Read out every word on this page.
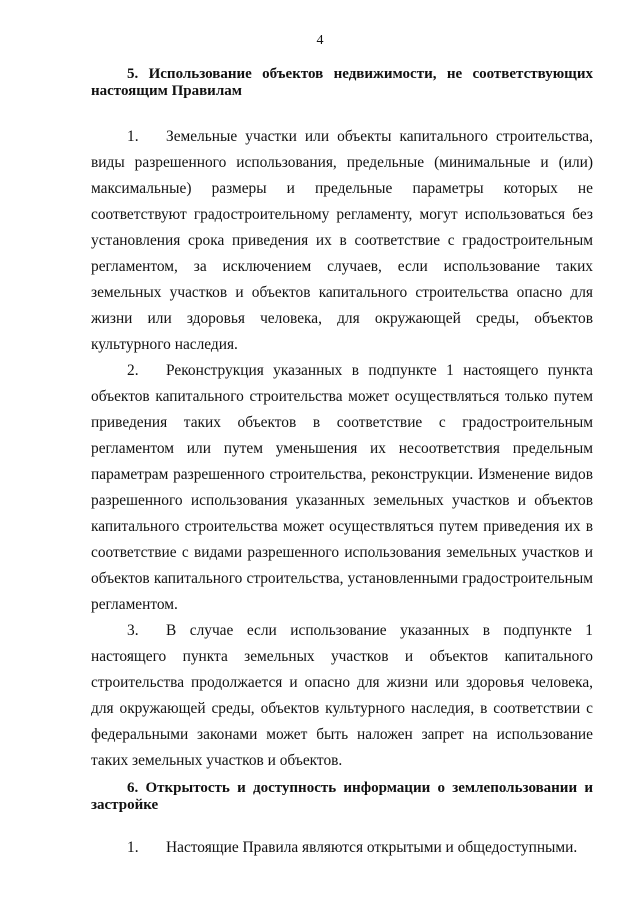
4

5. Использование объектов недвижимости, не соответствующих настоящим Правилам

1. Земельные участки или объекты капитального строительства, виды разрешенного использования, предельные (минимальные и (или) максимальные) размеры и предельные параметры которых не соответствуют градостроительному регламенту, могут использоваться без установления срока приведения их в соответствие с градостроительным регламентом, за исключением случаев, если использование таких земельных участков и объектов капитального строительства опасно для жизни или здоровья человека, для окружающей среды, объектов культурного наследия.

2. Реконструкция указанных в подпункте 1 настоящего пункта объектов капитального строительства может осуществляться только путем приведения таких объектов в соответствие с градостроительным регламентом или путем уменьшения их несоответствия предельным параметрам разрешенного строительства, реконструкции. Изменение видов разрешенного использования указанных земельных участков и объектов капитального строительства может осуществляться путем приведения их в соответствие с видами разрешенного использования земельных участков и объектов капитального строительства, установленными градостроительным регламентом.

3. В случае если использование указанных в подпункте 1 настоящего пункта земельных участков и объектов капитального строительства продолжается и опасно для жизни или здоровья человека, для окружающей среды, объектов культурного наследия, в соответствии с федеральными законами может быть наложен запрет на использование таких земельных участков и объектов.

6. Открытость и доступность информации о землепользовании и застройке

1. Настоящие Правила являются открытыми и общедоступными.
